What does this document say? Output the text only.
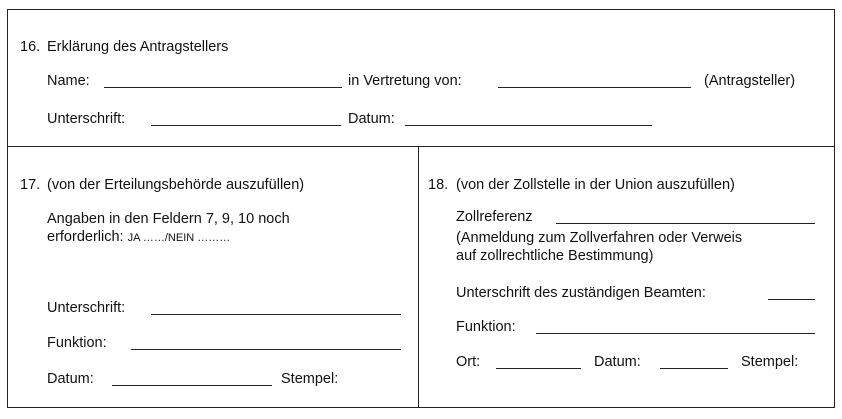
16. Erklärung des Antragstellers
Name:	in Vertretung von:	(Antragsteller)
Unterschrift:	Datum:
17. (von der Erteilungsbehörde auszufüllen)
Angaben in den Feldern 7, 9, 10 noch
erforderlich: JA ……/NEIN ………
Unterschrift:
Funktion:
Datum:	Stempel:
18. (von der Zollstelle in der Union auszufüllen)
Zollreferenz
(Anmeldung zum Zollverfahren oder Verweis
auf zollrechtliche Bestimmung)
Unterschrift des zuständigen Beamten:
Funktion:
Ort:	Datum:	Stempel:
